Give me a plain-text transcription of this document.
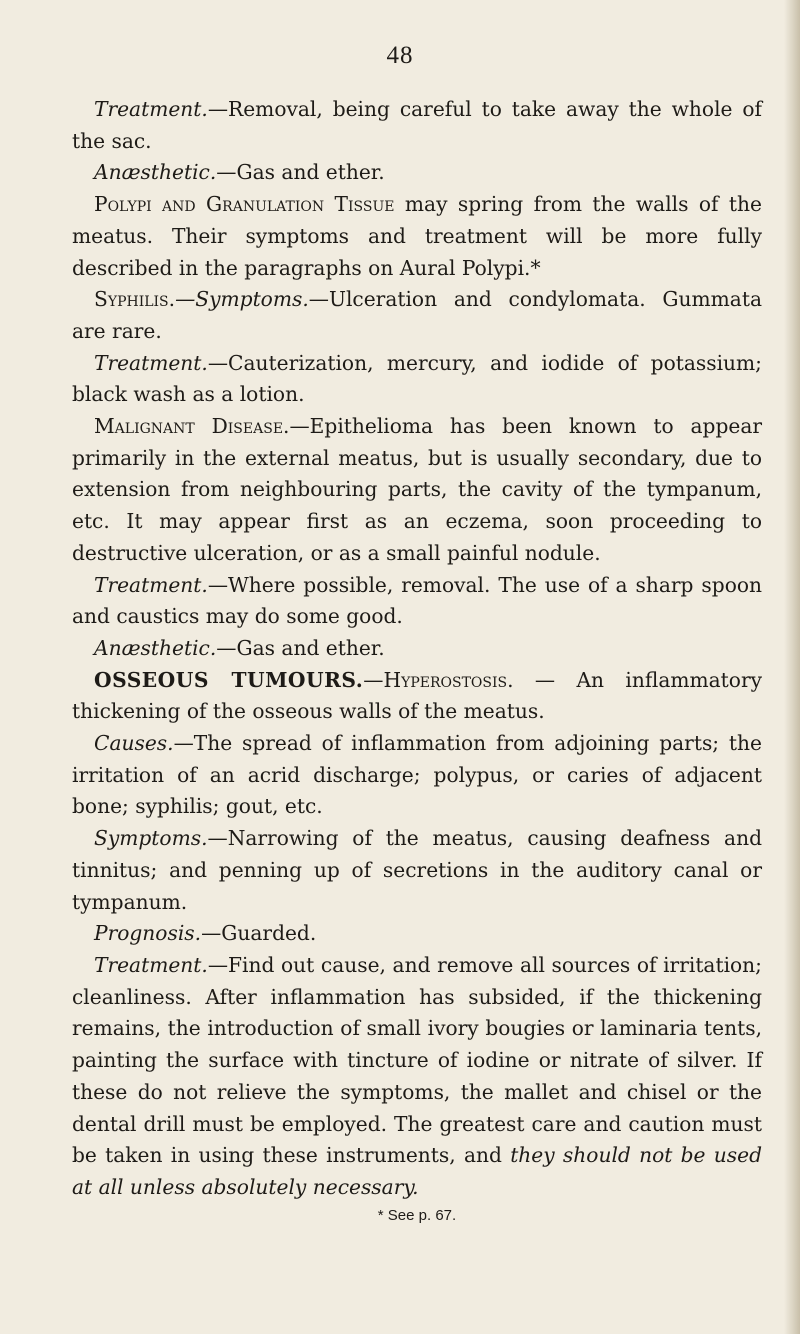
48

Treatment.—Removal, being careful to take away the whole of the sac.

Anæsthetic.—Gas and ether.

Polypi and Granulation Tissue may spring from the walls of the meatus. Their symptoms and treatment will be more fully described in the paragraphs on Aural Polypi.*

Syphilis.—Symptoms.—Ulceration and condylomata. Gummata are rare.

Treatment.—Cauterization, mercury, and iodide of potassium; black wash as a lotion.

Malignant Disease.—Epithelioma has been known to appear primarily in the external meatus, but is usually secondary, due to extension from neighbouring parts, the cavity of the tympanum, etc. It may appear first as an eczema, soon proceeding to destructive ulceration, or as a small painful nodule.

Treatment.—Where possible, removal. The use of a sharp spoon and caustics may do some good.

Anæsthetic.—Gas and ether.

OSSEOUS TUMOURS.—Hyperostosis. — An inflammatory thickening of the osseous walls of the meatus.

Causes.—The spread of inflammation from adjoining parts; the irritation of an acrid discharge; polypus, or caries of adjacent bone; syphilis; gout, etc.

Symptoms.—Narrowing of the meatus, causing deafness and tinnitus; and penning up of secretions in the auditory canal or tympanum.

Prognosis.—Guarded.

Treatment.—Find out cause, and remove all sources of irritation; cleanliness. After inflammation has subsided, if the thickening remains, the introduction of small ivory bougies or laminaria tents, painting the surface with tincture of iodine or nitrate of silver. If these do not relieve the symptoms, the mallet and chisel or the dental drill must be employed. The greatest care and caution must be taken in using these instruments, and they should not be used at all unless absolutely necessary.

* See p. 67.
